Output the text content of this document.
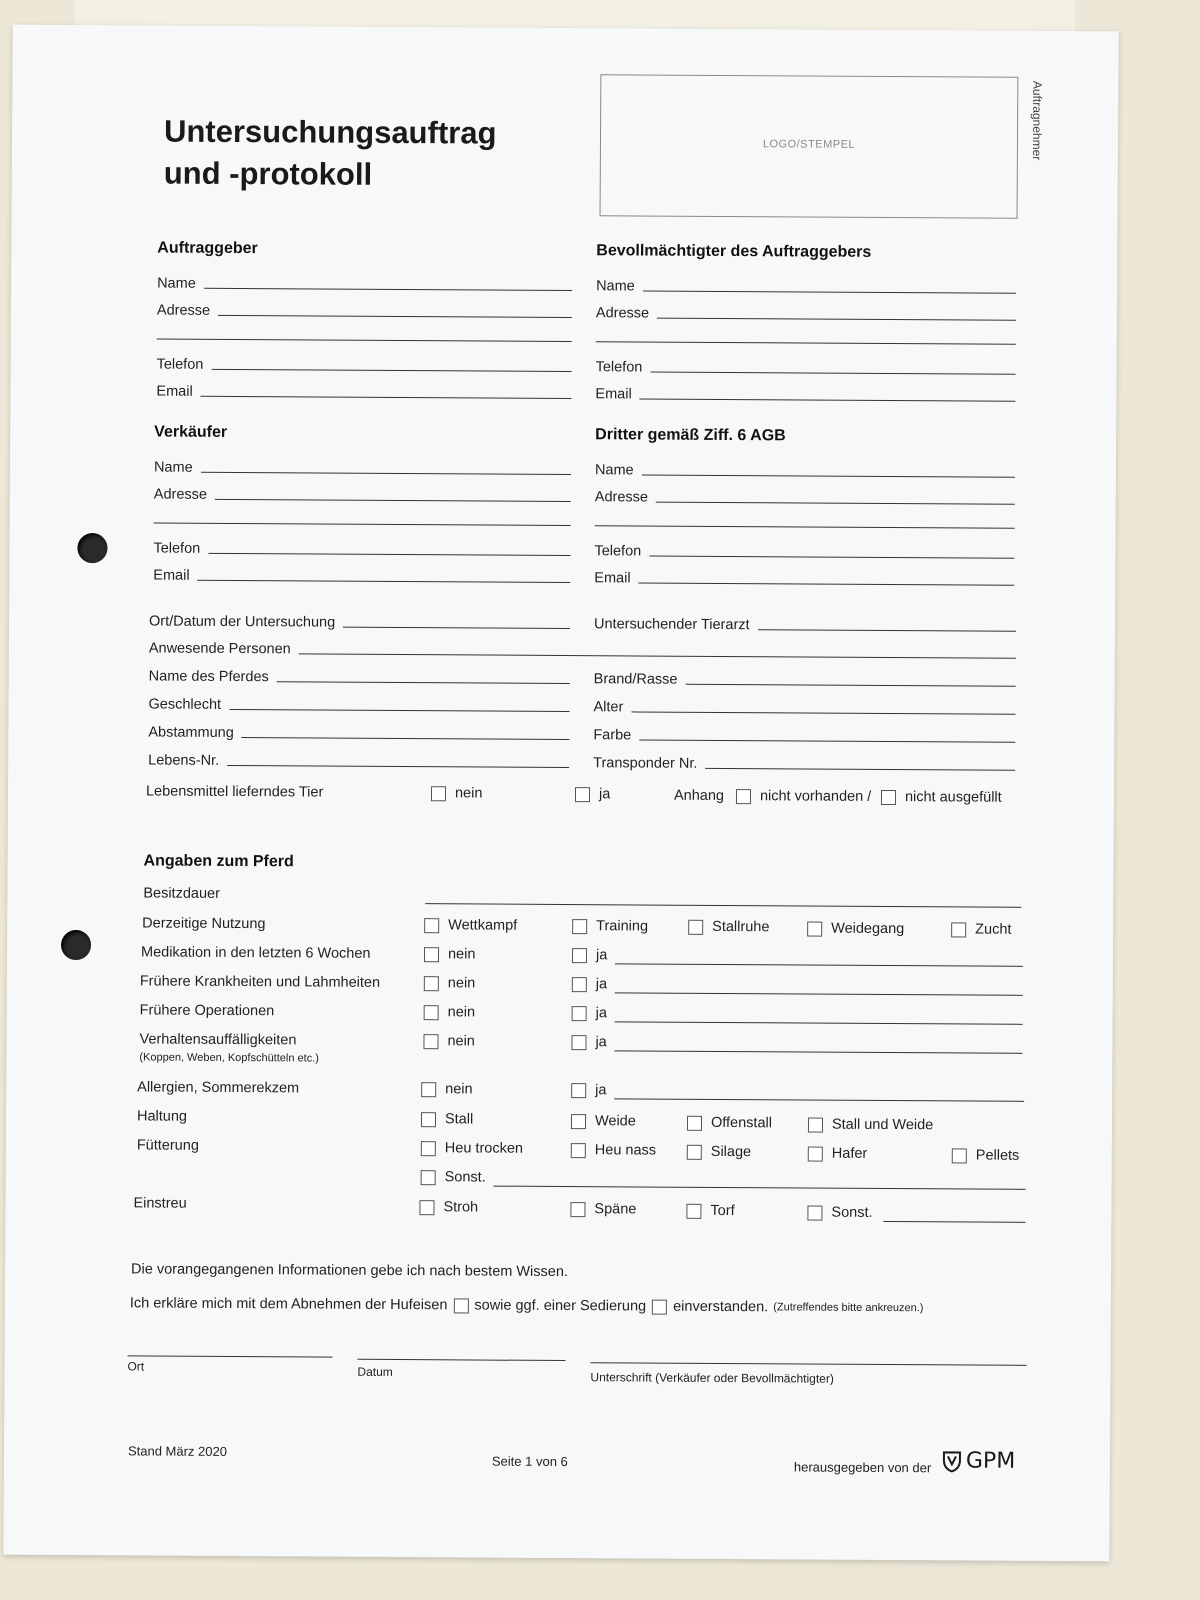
Untersuchungsauftrag
und -protokoll
LOGO/STEMPEL	Auftragnehmer
Auftraggeber
Name
Adresse
Telefon
Email
Bevollmächtigter des Auftraggebers
Name
Adresse
Telefon
Email
Verkäufer
Name
Adresse
Telefon
Email
Dritter gemäß Ziff. 6 AGB
Name
Adresse
Telefon
Email
Ort/Datum der Untersuchung	Untersuchender Tierarzt
Anwesende Personen
Name des Pferdes	Brand/Rasse
Geschlecht	Alter
Abstammung	Farbe
Lebens-Nr.	Transponder Nr.
Lebensmittel lieferndes Tier	nein	ja	Anhang nicht vorhanden / nicht ausgefüllt
Angaben zum Pferd
Besitzdauer
Derzeitige Nutzung	Wettkampf	Training	Stallruhe	Weidegang	Zucht
Medikation in den letzten 6 Wochen	nein	ja
Frühere Krankheiten und Lahmheiten	nein	ja
Frühere Operationen	nein	ja
Verhaltensauffälligkeiten
(Koppen, Weben, Kopfschütteln etc.)
nein	ja
Allergien, Sommerekzem	nein	ja
Haltung	Stall	Weide	Offenstall	Stall und Weide
Fütterung	Heu trocken	Heu nass	Silage	Hafer	Pellets
Sonst.
Einstreu	Stroh	Späne	Torf	Sonst.
Die vorangegangenen Informationen gebe ich nach bestem Wissen.
Ich erkläre mich mit dem Abnehmen der Hufeisen sowie ggf. einer Sedierung einverstanden. (Zutreffendes bitte ankreuzen.)
Ort	Datum	Unterschrift (Verkäufer oder Bevollmächtigter)
Stand März 2020
Seite 1 von 6	herausgegeben von der GPM
